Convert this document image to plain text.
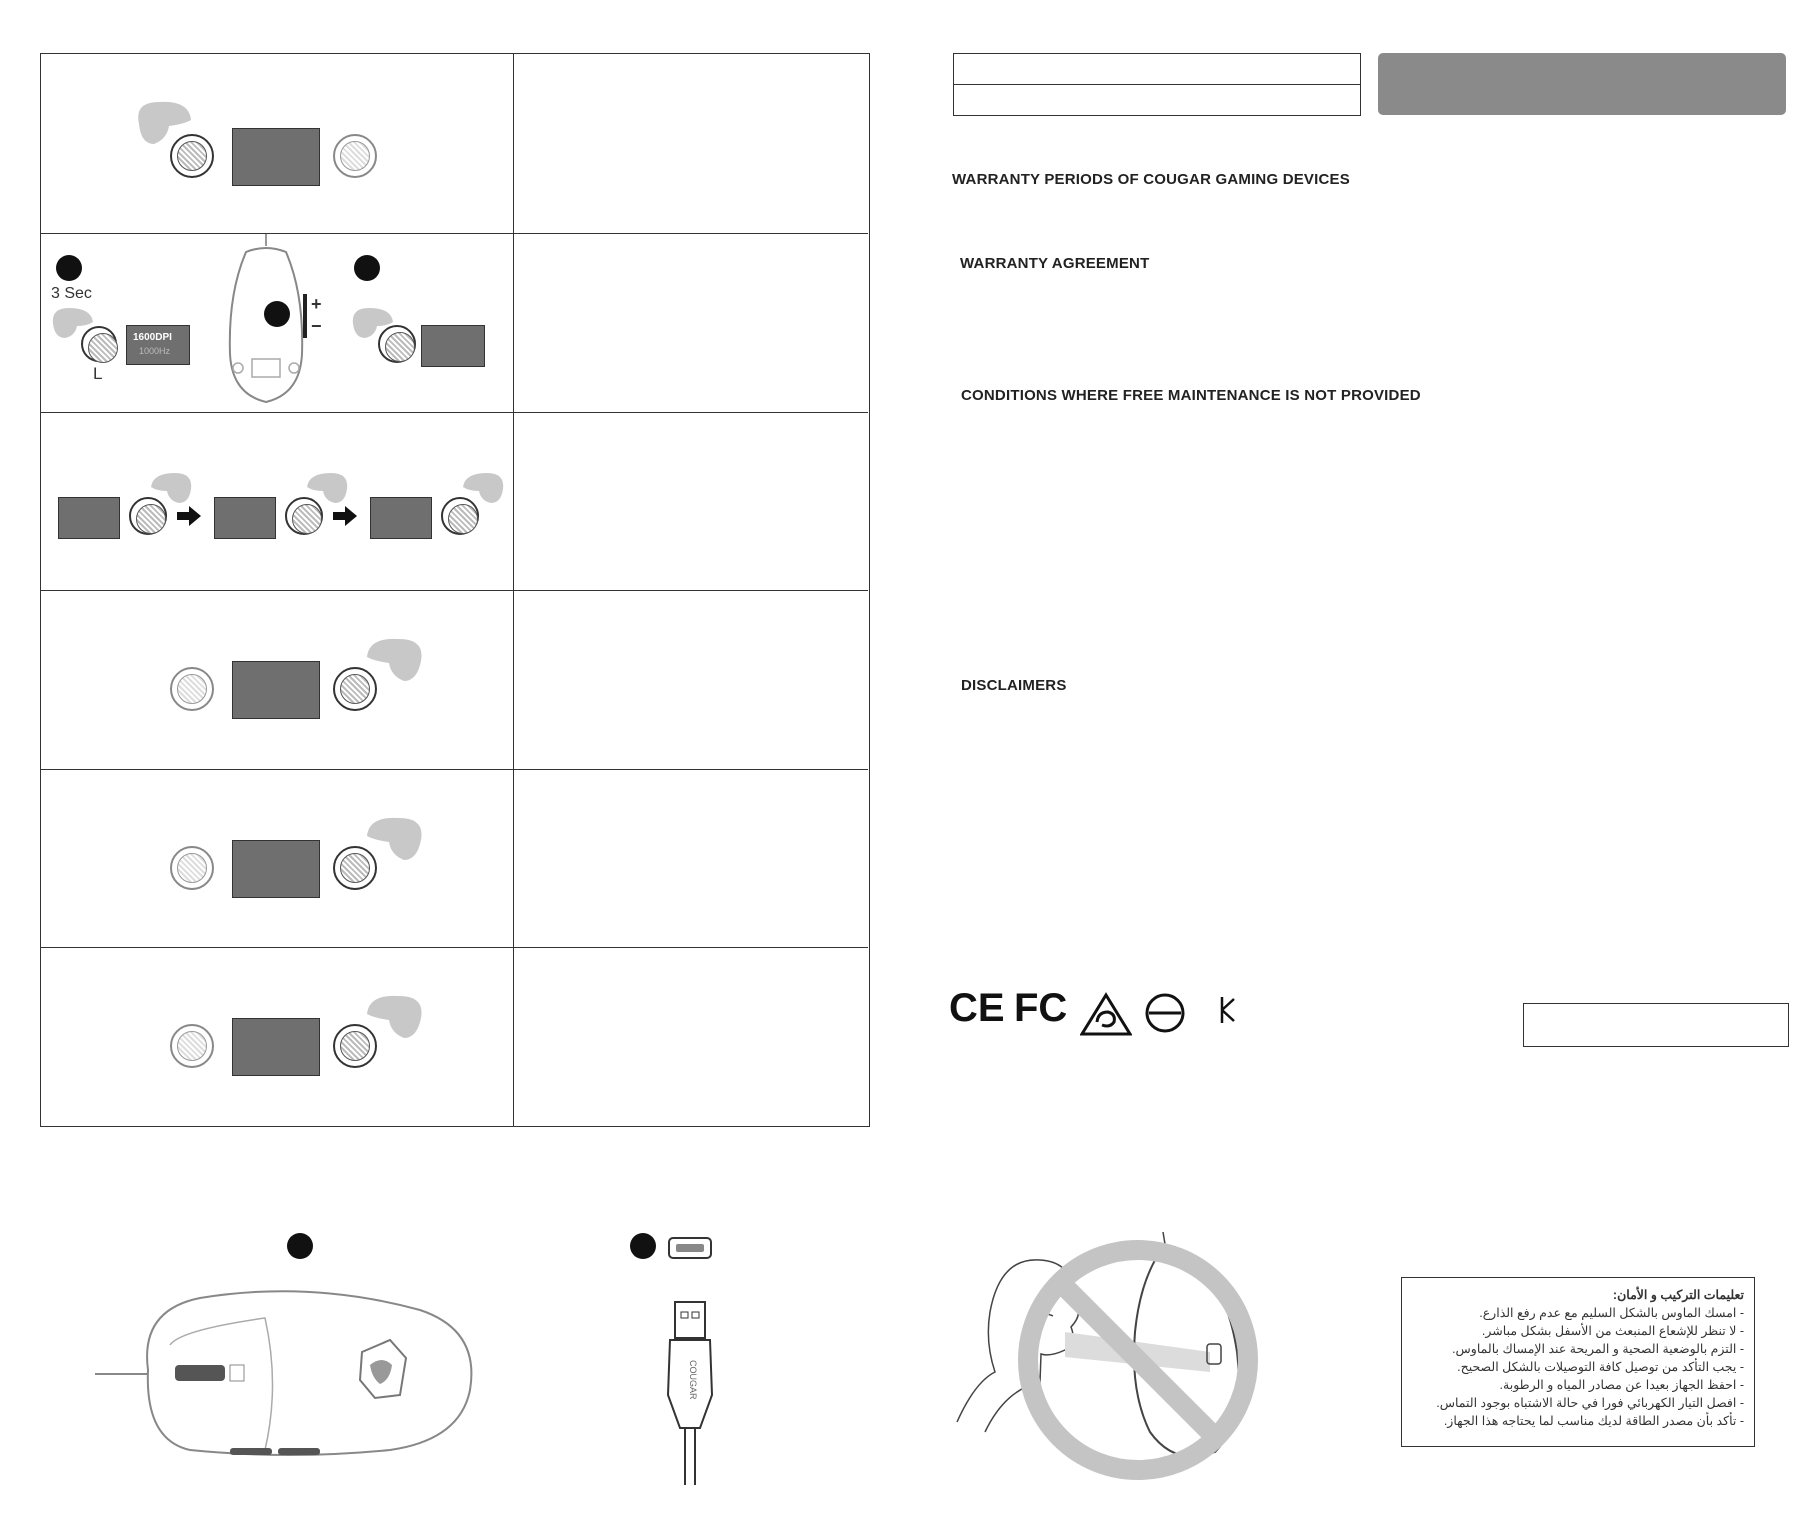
3 Sec
L
1600DPI
1000Hz
+
−
COUGAR
WARRANTY PERIODS OF COUGAR GAMING DEVICES
WARRANTY AGREEMENT
CONDITIONS WHERE FREE MAINTENANCE IS NOT PROVIDED
DISCLAIMERS
CE FC
تعليمات التركيب و الأمان:
- امسك الماوس بالشكل السليم مع عدم رفع الذارع.
- لا تنظر للإشعاع المنبعث من الأسفل بشكل مباشر.
- التزم بالوضعية الصحية و المريحة عند الإمساك بالماوس.
- يجب التأكد من توصيل كافة التوصيلات بالشكل الصحيح.
- احفظ الجهاز بعيدا عن مصادر المياه و الرطوبة.
- افصل التيار الكهربائي فورا في حالة الاشتباه بوجود التماس.
- تأكد بأن مصدر الطاقة لديك مناسب لما يحتاجه هذا الجهاز.
